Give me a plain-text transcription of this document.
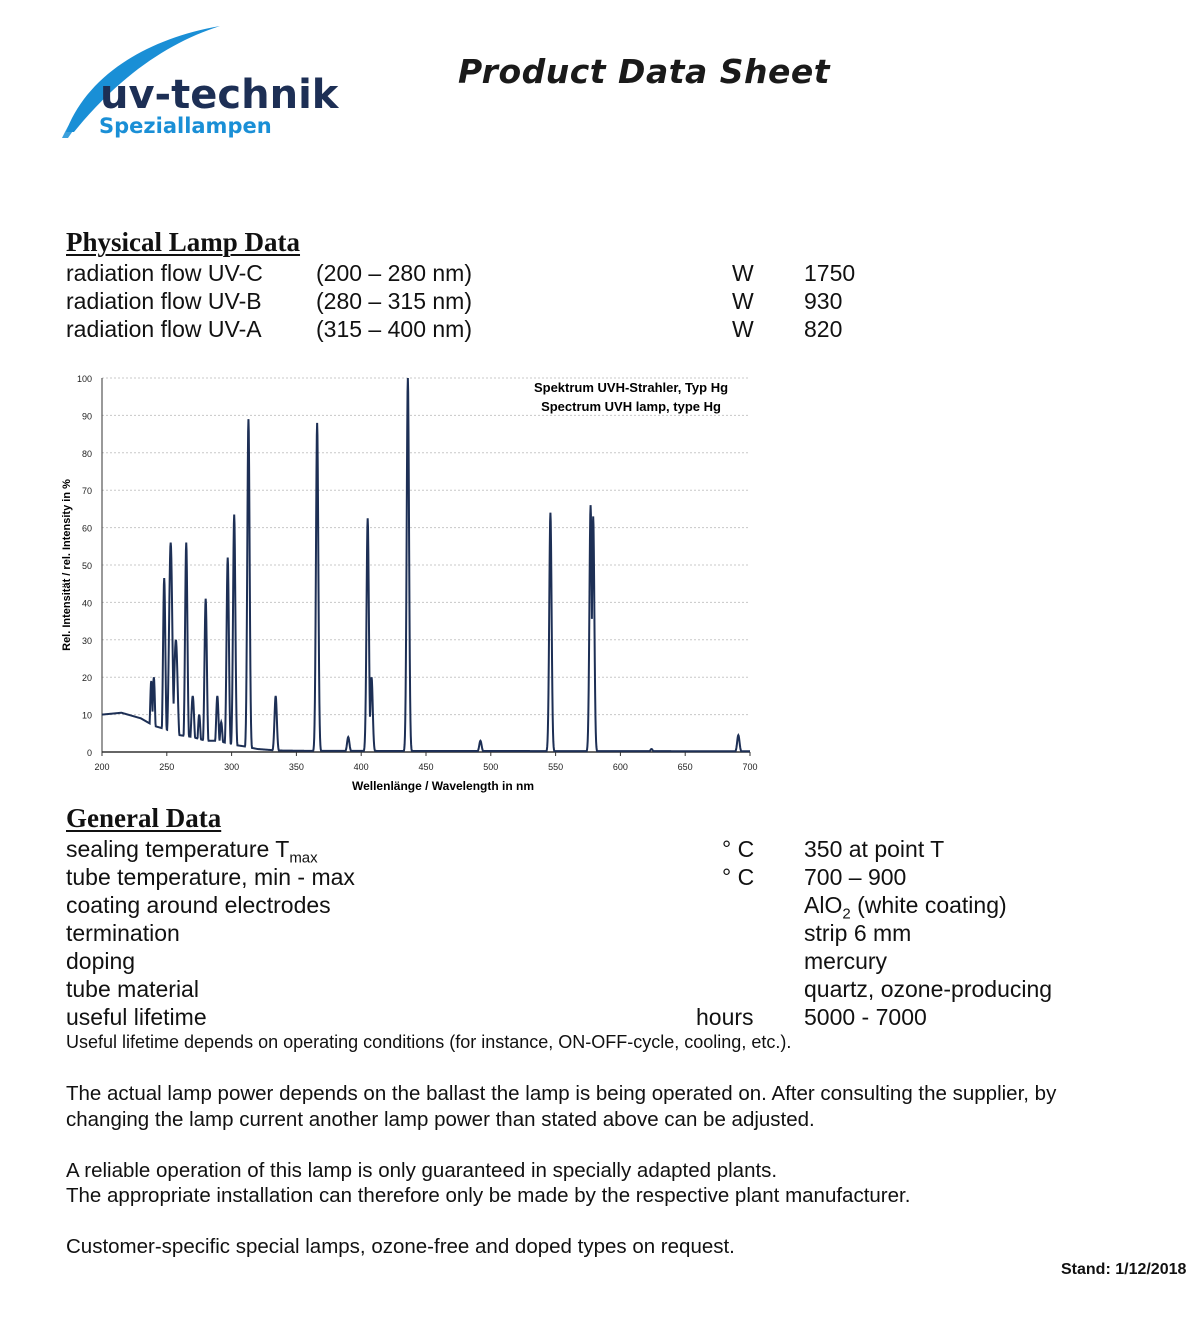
uv-technik
Speziallampen
Product Data Sheet
Physical Lamp Data
radiation flow UV-C (200 – 280 nm)	W 1750
radiation flow UV-B (280 – 315 nm)	W 930
radiation flow UV-A (315 – 400 nm)	W 820
0
10
20
30
40
50
60
70
80
90
100
200	250	300	350	400	450	500	550	600	650	700
Spektrum UVH-Strahler, Typ Hg
Spectrum UVH lamp, type Hg
Wellenlänge / Wavelength in nm
Rel. Intensität / rel. Intensity in %
General Data
sealing temperature $T_{max}$	° C 350 at point T
tube temperature, min - max	° C 700 – 900
coating around electrodes	AlO$_2$ (white coating)
termination	strip 6 mm
doping	mercury
tube material	quartz, ozone-producing
useful lifetime	hours 5000 - 7000
Useful lifetime depends on operating conditions (for instance, ON-OFF-cycle, cooling, etc.).
The actual lamp power depends on the ballast the lamp is being operated on. After consulting the supplier, by
changing the lamp current another lamp power than stated above can be adjusted.
A reliable operation of this lamp is only guaranteed in specially adapted plants.
The appropriate installation can therefore only be made by the respective plant manufacturer.
Customer-specific special lamps, ozone-free and doped types on request.
Stand: 1/12/2018
